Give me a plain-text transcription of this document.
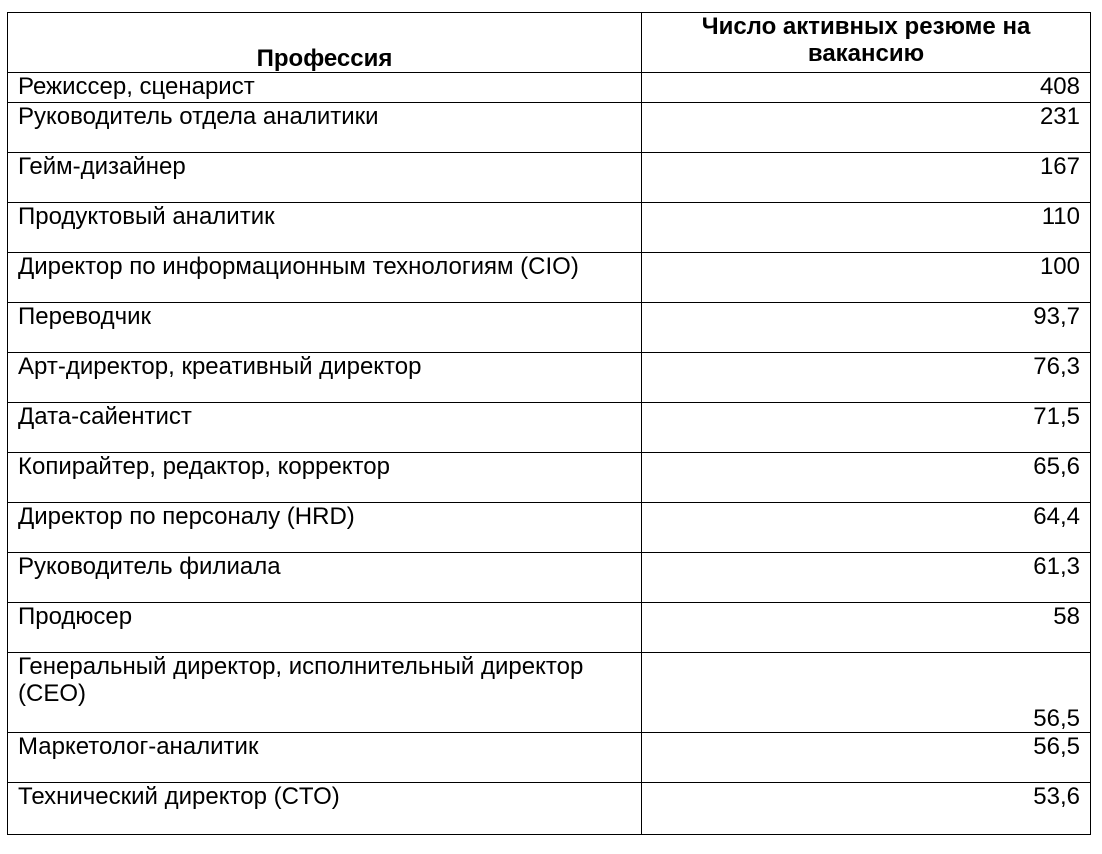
Профессия	Число активных резюме на вакансию
Режиссер, сценарист	408
Руководитель отдела аналитики	231
Гейм-дизайнер	167
Продуктовый аналитик	110
Директор по информационным технологиям (CIO)	100
Переводчик	93,7
Арт-директор, креативный директор	76,3
Дата-сайентист	71,5
Копирайтер, редактор, корректор	65,6
Директор по персоналу (HRD)	64,4
Руководитель филиала	61,3
Продюсер	58
Генеральный директор, исполнительный директор (CEO)	56,5
Маркетолог-аналитик	56,5
Технический директор (CTO)	53,6
